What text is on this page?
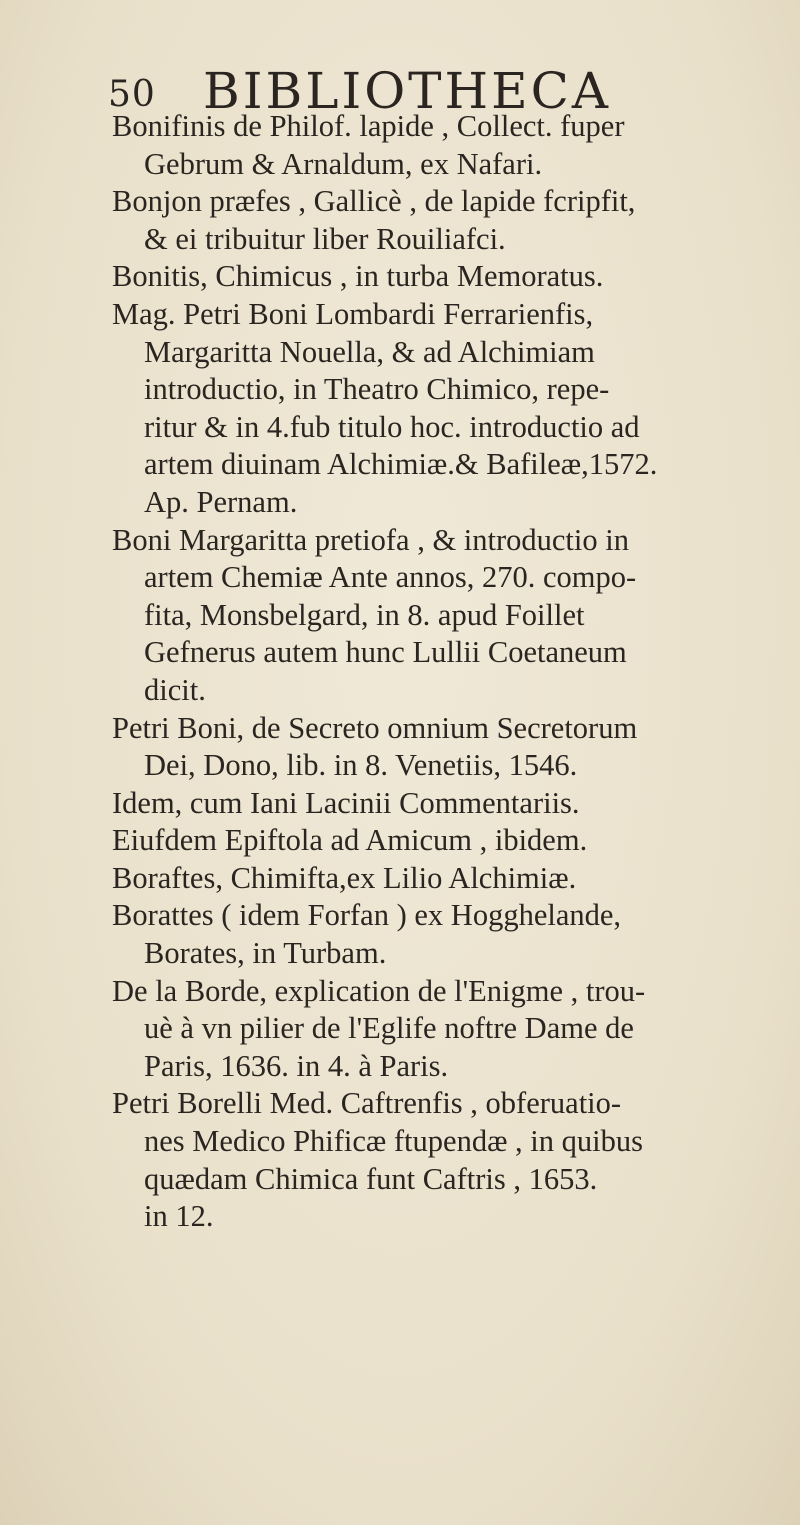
50 BIBLIOTHECA
Bonifinis de Philof. lapide , Collect. fuper
Gebrum & Arnaldum, ex Nafari.
Bonjon præfes , Gallicè , de lapide fcripfit,
& ei tribuitur liber Rouiliafci.
Bonitis, Chimicus , in turba Memoratus.
Mag. Petri Boni Lombardi Ferrarienfis,
Margaritta Nouella, & ad Alchimiam
introductio, in Theatro Chimico, repe-
ritur & in 4.fub titulo hoc. introductio ad
artem diuinam Alchimiæ.& Bafileæ,1572.
Ap. Pernam.
Boni Margaritta pretiofa , & introductio in
artem Chemiæ Ante annos, 270. compo-
fita, Monsbelgard, in 8. apud Foillet
Gefnerus autem hunc Lullii Coetaneum
dicit.
Petri Boni, de Secreto omnium Secretorum
Dei, Dono, lib. in 8. Venetiis, 1546.
Idem, cum Iani Lacinii Commentariis.
Eiufdem Epiftola ad Amicum , ibidem.
Boraftes, Chimifta,ex Lilio Alchimiæ.
Borattes ( idem Forfan ) ex Hogghelande,
Borates, in Turbam.
De la Borde, explication de l'Enigme , trou-
uè à vn pilier de l'Eglife noftre Dame de
Paris, 1636. in 4. à Paris.
Petri Borelli Med. Caftrenfis , obferuatio-
nes Medico Phificæ ftupendæ , in quibus
quædam Chimica funt Caftris , 1653.
in 12.
